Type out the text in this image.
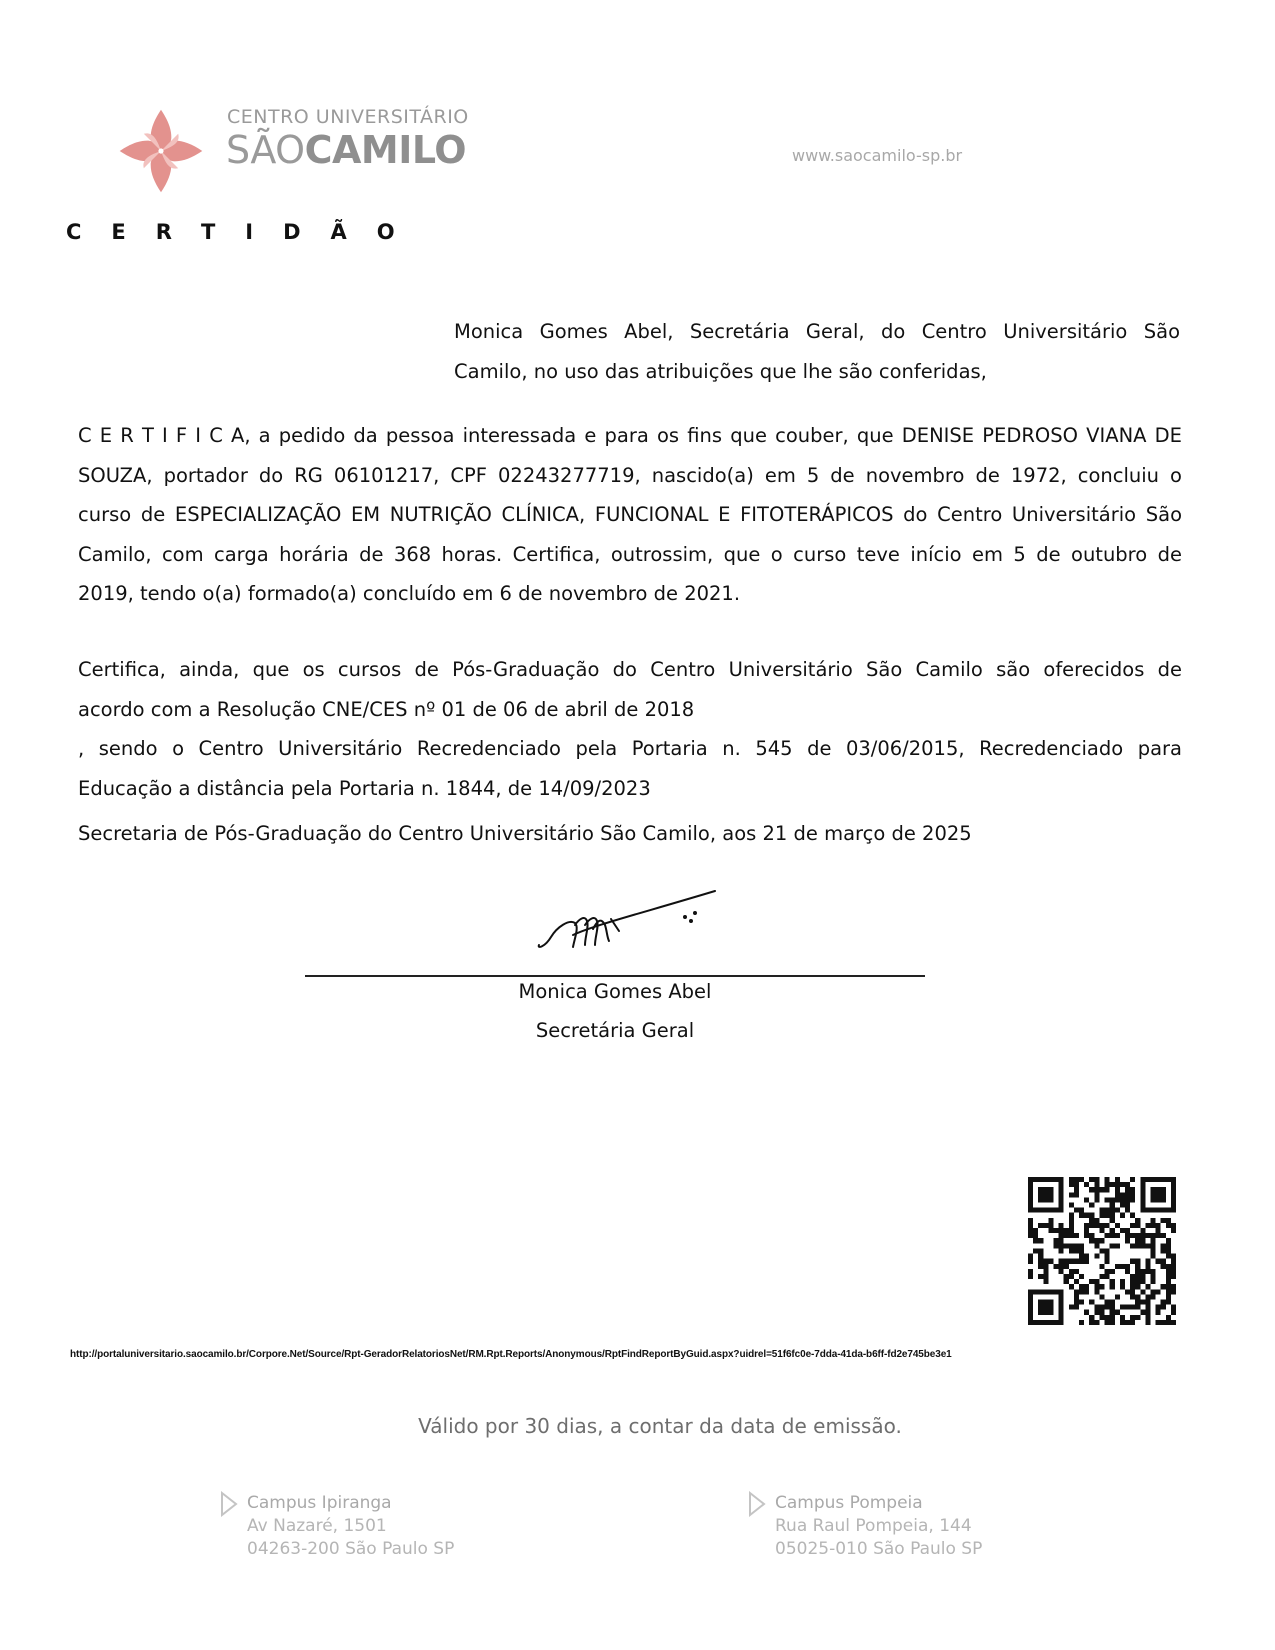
CENTRO UNIVERSITÁRIO
SÃOCAMILO	www.saocamilo-sp.br
CERTIDÃO
Monica Gomes Abel, Secretária Geral, do Centro Universitário São
Camilo, no uso das atribuições que lhe são conferidas,
C E R T I F I C A, a pedido da pessoa interessada e para os fins que couber, que DENISE PEDROSO VIANA DE
SOUZA, portador do RG 06101217, CPF 02243277719, nascido(a) em 5 de novembro de 1972, concluiu o
curso de ESPECIALIZAÇÃO EM NUTRIÇÃO CLÍNICA, FUNCIONAL E FITOTERÁPICOS do Centro Universitário São
Camilo, com carga horária de 368 horas. Certifica, outrossim, que o curso teve início em 5 de outubro de
2019, tendo o(a) formado(a) concluído em 6 de novembro de 2021.
Certifica, ainda, que os cursos de Pós-Graduação do Centro Universitário São Camilo são oferecidos de
acordo com a Resolução CNE/CES nº 01 de 06 de abril de 2018
, sendo o Centro Universitário Recredenciado pela Portaria n. 545 de 03/06/2015, Recredenciado para
Educação a distância pela Portaria n. 1844, de 14/09/2023
Secretaria de Pós-Graduação do Centro Universitário São Camilo, aos 21 de março de 2025
Monica Gomes Abel
Secretária Geral
http://portaluniversitario.saocamilo.br/Corpore.Net/Source/Rpt-GeradorRelatoriosNet/RM.Rpt.Reports/Anonymous/RptFindReportByGuid.aspx?uidrel=51f6fc0e-7dda-41da-b6ff-fd2e745be3e1
Válido por 30 dias, a contar da data de emissão.
Campus Ipiranga
Av Nazaré, 1501
04263-200 São Paulo SP
Campus Pompeia
Rua Raul Pompeia, 144
05025-010 São Paulo SP
